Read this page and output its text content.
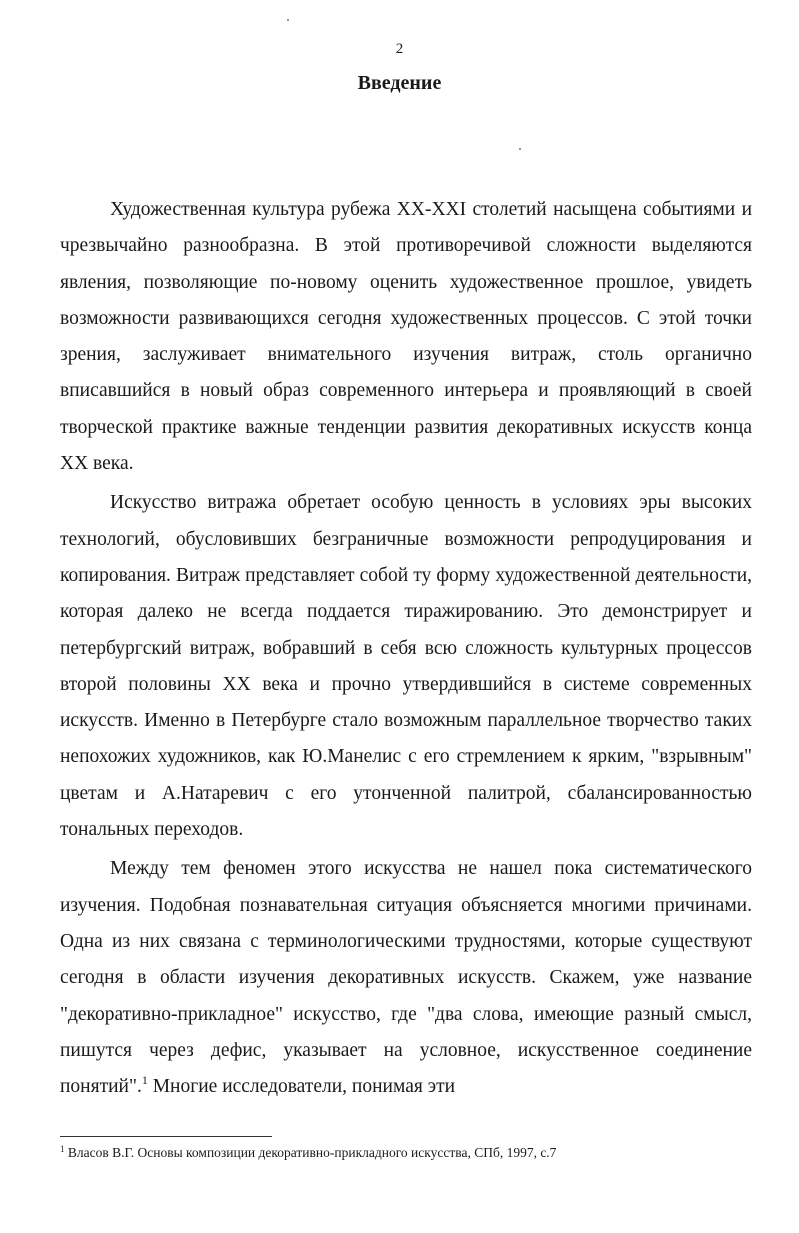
2
Введение

Художественная культура рубежа XX-XXI столетий насыщена событиями и чрезвычайно разнообразна. В этой противоречивой сложности выделяются явления, позволяющие по-новому оценить художественное прошлое, увидеть возможности развивающихся сегодня художественных процессов. С этой точки зрения, заслуживает внимательного изучения витраж, столь органично вписавшийся в новый образ современного интерьера и проявляющий в своей творческой практике важные тенденции развития декоративных искусств конца XX века.

Искусство витража обретает особую ценность в условиях эры высоких технологий, обусловивших безграничные возможности репродуцирования и копирования. Витраж представляет собой ту форму художественной деятельности, которая далеко не всегда поддается тиражированию. Это демонстрирует и петербургский витраж, вобравший в себя всю сложность культурных процессов второй половины XX века и прочно утвердившийся в системе современных искусств. Именно в Петербурге стало возможным параллельное творчество таких непохожих художников, как Ю.Манелис с его стремлением к ярким, "взрывным" цветам и А.Натаревич с его утонченной палитрой, сбалансированностью тональных переходов.

Между тем феномен этого искусства не нашел пока систематического изучения. Подобная познавательная ситуация объясняется многими причинами. Одна из них связана с терминологическими трудностями, которые существуют сегодня в области изучения декоративных искусств. Скажем, уже название "декоративно-прикладное" искусство, где "два слова, имеющие разный смысл, пишутся через дефис, указывает на условное, искусственное соединение понятий".$^1$ Многие исследователи, понимая эти

$^1$ Власов В.Г. Основы композиции декоративно-прикладного искусства, СПб, 1997, с.7
